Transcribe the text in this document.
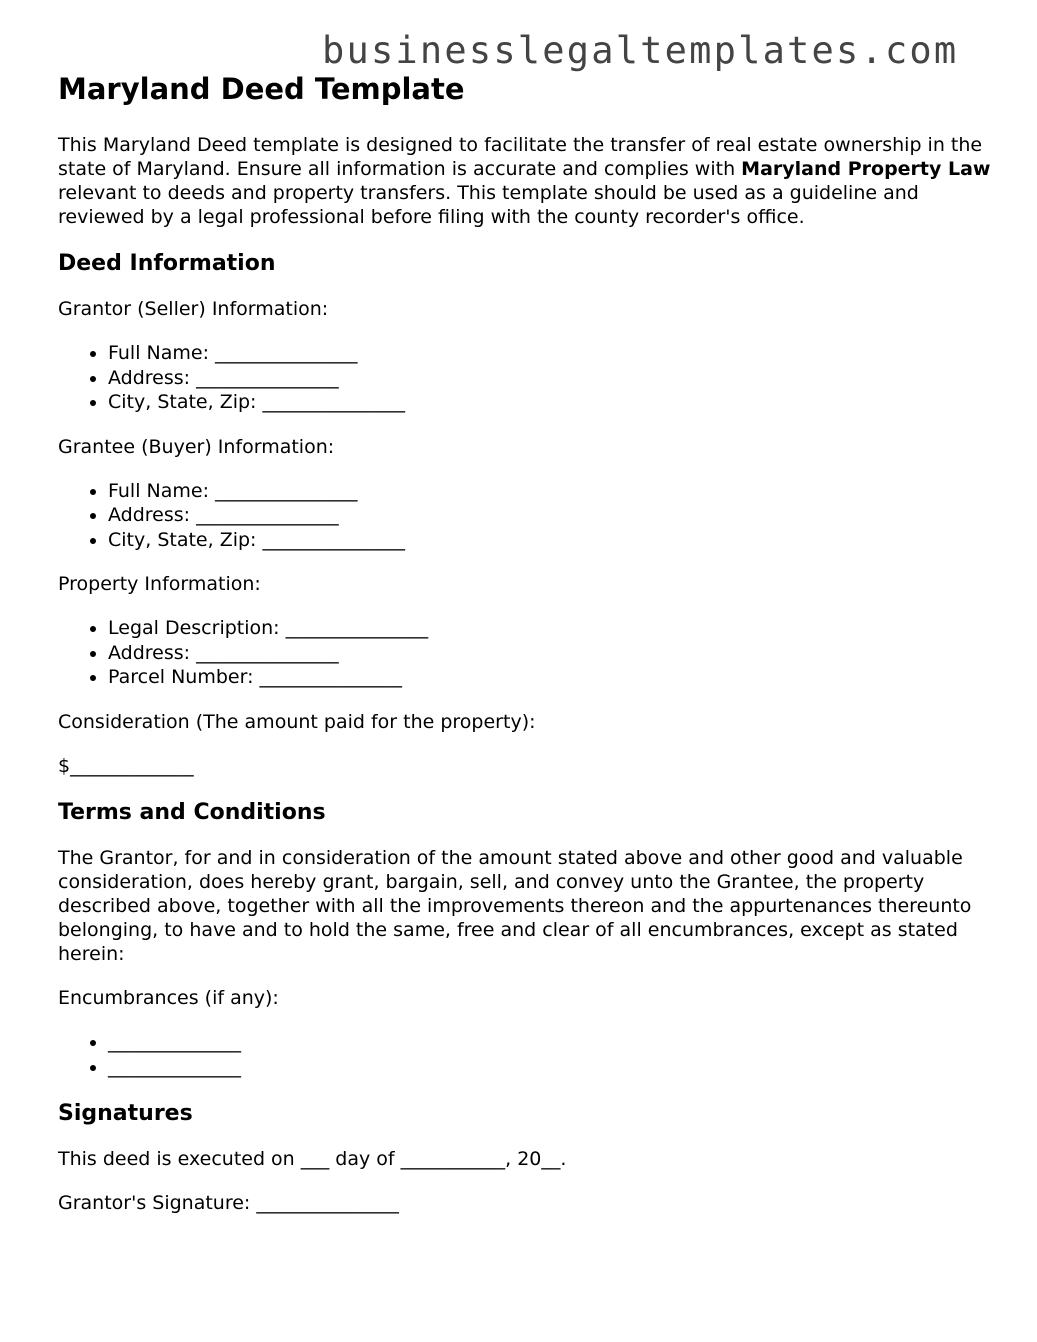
businesslegaltemplates.com
Maryland Deed Template

This Maryland Deed template is designed to facilitate the transfer of real estate ownership in the state of Maryland. Ensure all information is accurate and complies with Maryland Property Law relevant to deeds and property transfers. This template should be used as a guideline and reviewed by a legal professional before filing with the county recorder's office.

Deed Information

Grantor (Seller) Information:

• Full Name: _______________
• Address: _______________
• City, State, Zip: _______________

Grantee (Buyer) Information:

• Full Name: _______________
• Address: _______________
• City, State, Zip: _______________

Property Information:

• Legal Description: _______________
• Address: _______________
• Parcel Number: _______________

Consideration (The amount paid for the property):

$_____________

Terms and Conditions

The Grantor, for and in consideration of the amount stated above and other good and valuable consideration, does hereby grant, bargain, sell, and convey unto the Grantee, the property described above, together with all the improvements thereon and the appurtenances thereunto belonging, to have and to hold the same, free and clear of all encumbrances, except as stated herein:

Encumbrances (if any):

• ______________
• ______________
Signatures

This deed is executed on ___ day of ___________, 20__.

Grantor's Signature: _______________
